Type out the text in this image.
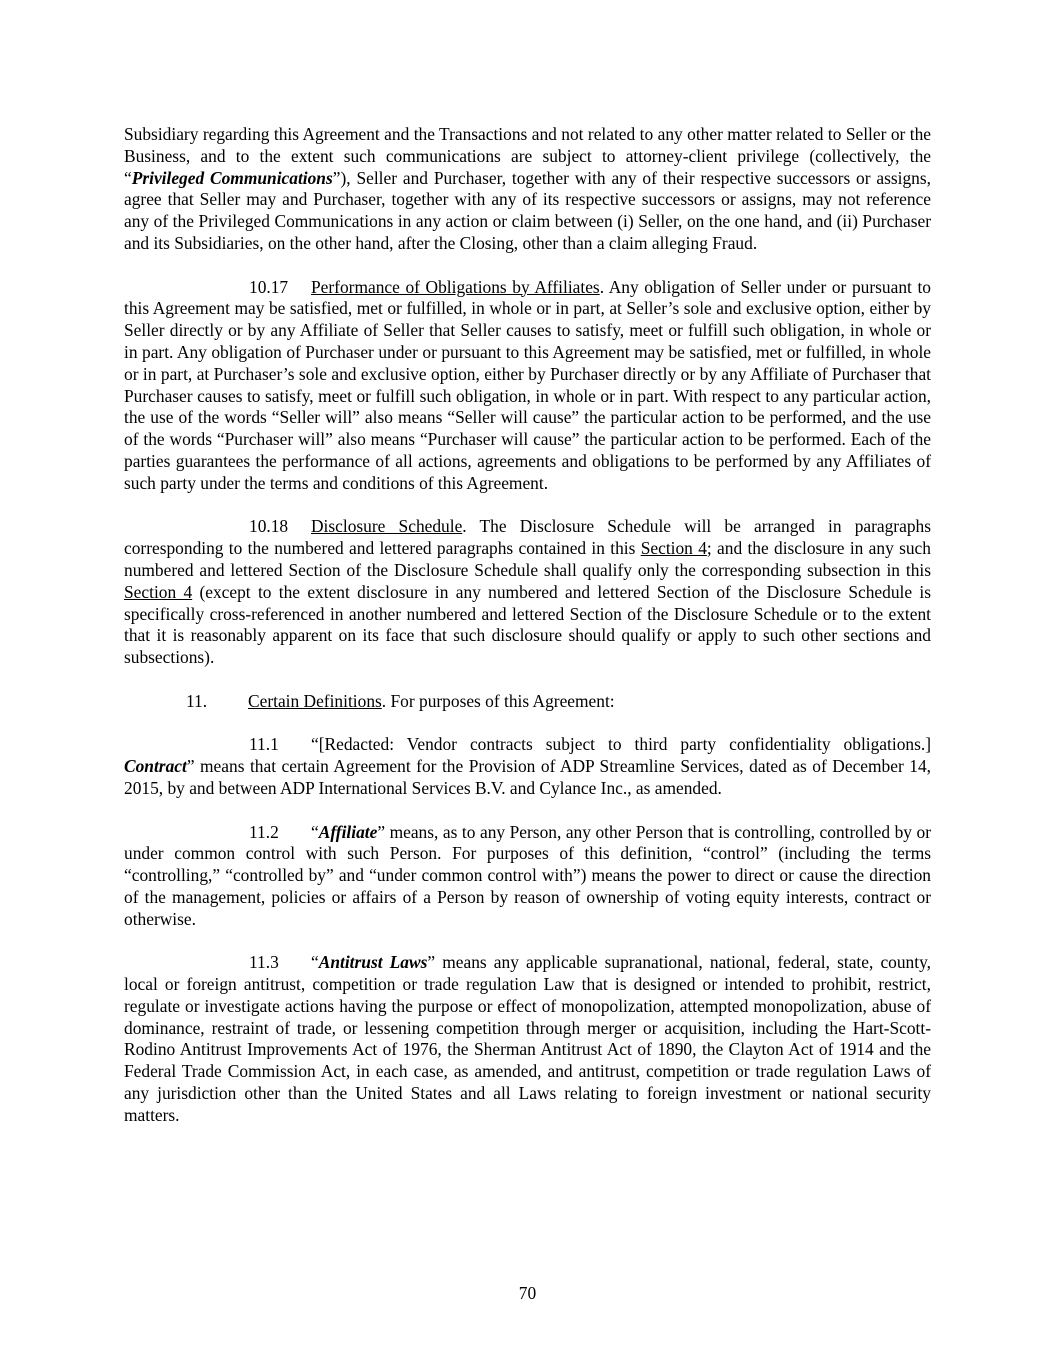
Subsidiary regarding this Agreement and the Transactions and not related to any other matter related to Seller or the Business, and to the extent such communications are subject to attorney-client privilege (collectively, the “Privileged Communications”), Seller and Purchaser, together with any of their respective successors or assigns, agree that Seller may and Purchaser, together with any of its respective successors or assigns, may not reference any of the Privileged Communications in any action or claim between (i) Seller, on the one hand, and (ii) Purchaser and its Subsidiaries, on the other hand, after the Closing, other than a claim alleging Fraud.

10.17 Performance of Obligations by Affiliates. Any obligation of Seller under or pursuant to this Agreement may be satisfied, met or fulfilled, in whole or in part, at Seller’s sole and exclusive option, either by Seller directly or by any Affiliate of Seller that Seller causes to satisfy, meet or fulfill such obligation, in whole or in part. Any obligation of Purchaser under or pursuant to this Agreement may be satisfied, met or fulfilled, in whole or in part, at Purchaser’s sole and exclusive option, either by Purchaser directly or by any Affiliate of Purchaser that Purchaser causes to satisfy, meet or fulfill such obligation, in whole or in part. With respect to any particular action, the use of the words “Seller will” also means “Seller will cause” the particular action to be performed, and the use of the words “Purchaser will” also means “Purchaser will cause” the particular action to be performed. Each of the parties guarantees the performance of all actions, agreements and obligations to be performed by any Affiliates of such party under the terms and conditions of this Agreement.

10.18 Disclosure Schedule. The Disclosure Schedule will be arranged in paragraphs corresponding to the numbered and lettered paragraphs contained in this Section 4; and the disclosure in any such numbered and lettered Section of the Disclosure Schedule shall qualify only the corresponding subsection in this Section 4 (except to the extent disclosure in any numbered and lettered Section of the Disclosure Schedule is specifically cross-referenced in another numbered and lettered Section of the Disclosure Schedule or to the extent that it is reasonably apparent on its face that such disclosure should qualify or apply to such other sections and subsections).

11. Certain Definitions. For purposes of this Agreement:

11.1 “[Redacted: Vendor contracts subject to third party confidentiality obligations.] Contract” means that certain Agreement for the Provision of ADP Streamline Services, dated as of December 14, 2015, by and between ADP International Services B.V. and Cylance Inc., as amended.

11.2 “Affiliate” means, as to any Person, any other Person that is controlling, controlled by or under common control with such Person. For purposes of this definition, “control” (including the terms “controlling,” “controlled by” and “under common control with”) means the power to direct or cause the direction of the management, policies or affairs of a Person by reason of ownership of voting equity interests, contract or otherwise.

11.3 “Antitrust Laws” means any applicable supranational, national, federal, state, county, local or foreign antitrust, competition or trade regulation Law that is designed or intended to prohibit, restrict, regulate or investigate actions having the purpose or effect of monopolization, attempted monopolization, abuse of dominance, restraint of trade, or lessening competition through merger or acquisition, including the Hart-Scott-Rodino Antitrust Improvements Act of 1976, the Sherman Antitrust Act of 1890, the Clayton Act of 1914 and the Federal Trade Commission Act, in each case, as amended, and antitrust, competition or trade regulation Laws of any jurisdiction other than the United States and all Laws relating to foreign investment or national security matters.

70
